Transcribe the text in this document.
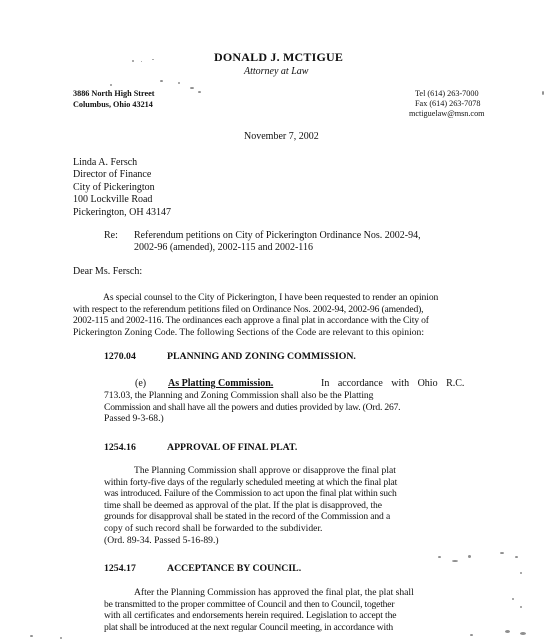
DONALD J. MCTIGUE
Attorney at Law
3886 North High Street
Columbus, Ohio 43214
Tel (614) 263-7000
Fax (614) 263-7078
mctiguelaw@msn.com
November 7, 2002
Linda A. Fersch
Director of Finance
City of Pickerington
100 Lockville Road
Pickerington, OH 43147
Re: Referendum petitions on City of Pickerington Ordinance Nos. 2002-94,
2002-96 (amended), 2002-115 and 2002-116
Dear Ms. Fersch:
As special counsel to the City of Pickerington, I have been requested to render an opinion
with respect to the referendum petitions filed on Ordinance Nos. 2002-94, 2002-96 (amended),
2002-115 and 2002-116. The ordinances each approve a final plat in accordance with the City of
Pickerington Zoning Code. The following Sections of the Code are relevant to this opinion:
1270.04	PLANNING AND ZONING COMMISSION.
(e) As Platting Commission.	In accordance with Ohio R.C.
713.03, the Planning and Zoning Commission shall also be the Platting
Commission and shall have all the powers and duties provided by law. (Ord. 267.
Passed 9-3-68.)
1254.16	APPROVAL OF FINAL PLAT.
The Planning Commission shall approve or disapprove the final plat
within forty-five days of the regularly scheduled meeting at which the final plat
was introduced. Failure of the Commission to act upon the final plat within such
time shall be deemed as approval of the plat. If the plat is disapproved, the
grounds for disapproval shall be stated in the record of the Commission and a
copy of such record shall be forwarded to the subdivider.
(Ord. 89-34. Passed 5-16-89.)
1254.17	ACCEPTANCE BY COUNCIL.
After the Planning Commission has approved the final plat, the plat shall
be transmitted to the proper committee of Council and then to Council, together
with all certificates and endorsements herein required. Legislation to accept the
plat shall be introduced at the next regular Council meeting, in accordance with
